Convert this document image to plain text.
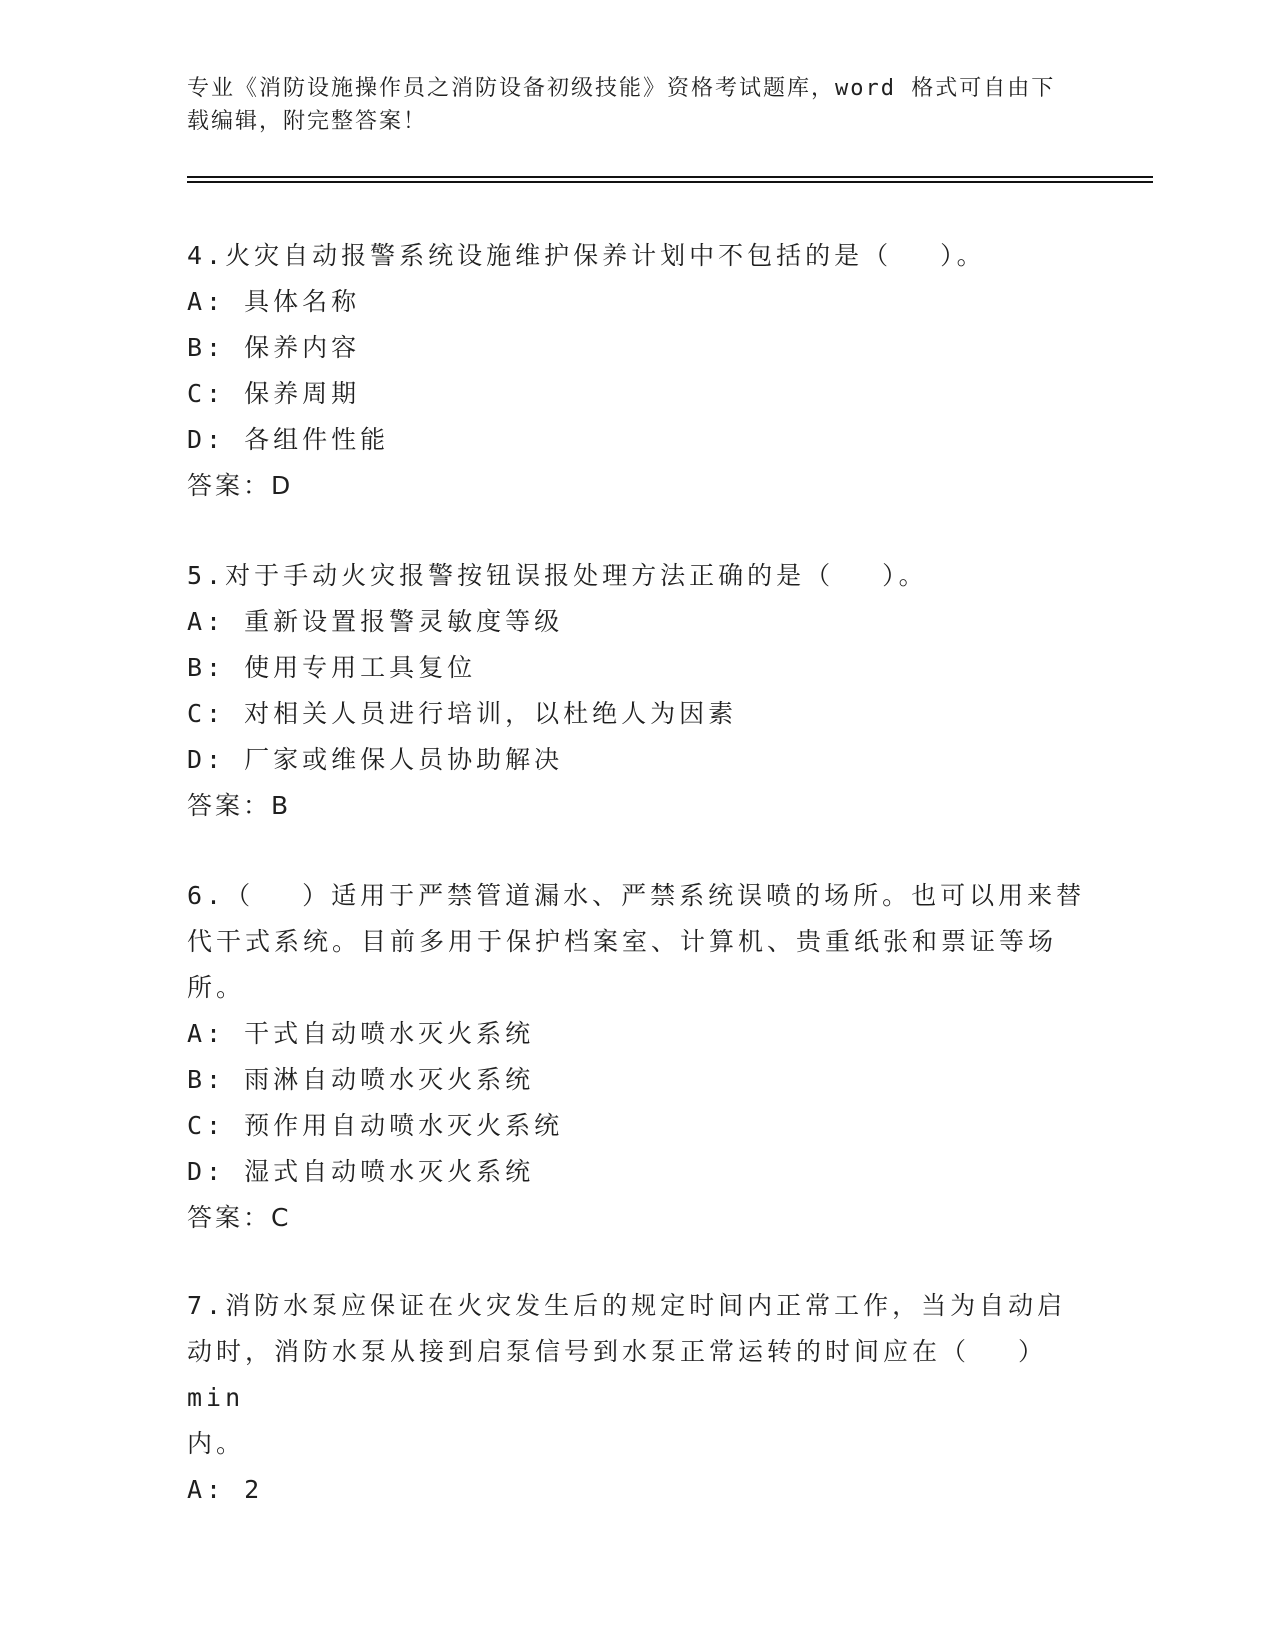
专业《消防设施操作员之消防设备初级技能》资格考试题库，word 格式可自由下
载编辑，附完整答案！

4.火灾自动报警系统设施维护保养计划中不包括的是（　 ）。

A: 具体名称

B: 保养内容

C: 保养周期

D: 各组件性能

答案：D

5.对于手动火灾报警按钮误报处理方法正确的是（　 ）。

A: 重新设置报警灵敏度等级

B: 使用专用工具复位

C: 对相关人员进行培训，以杜绝人为因素

D: 厂家或维保人员协助解决

答案：B

6.（　 ）适用于严禁管道漏水、严禁系统误喷的场所。也可以用来替

代干式系统。目前多用于保护档案室、计算机、贵重纸张和票证等场

所。

A: 干式自动喷水灭火系统

B: 雨淋自动喷水灭火系统

C: 预作用自动喷水灭火系统

D: 湿式自动喷水灭火系统

答案：C

7.消防水泵应保证在火灾发生后的规定时间内正常工作，当为自动启

动时，消防水泵从接到启泵信号到水泵正常运转的时间应在（　 ）min

内。

A: 2
